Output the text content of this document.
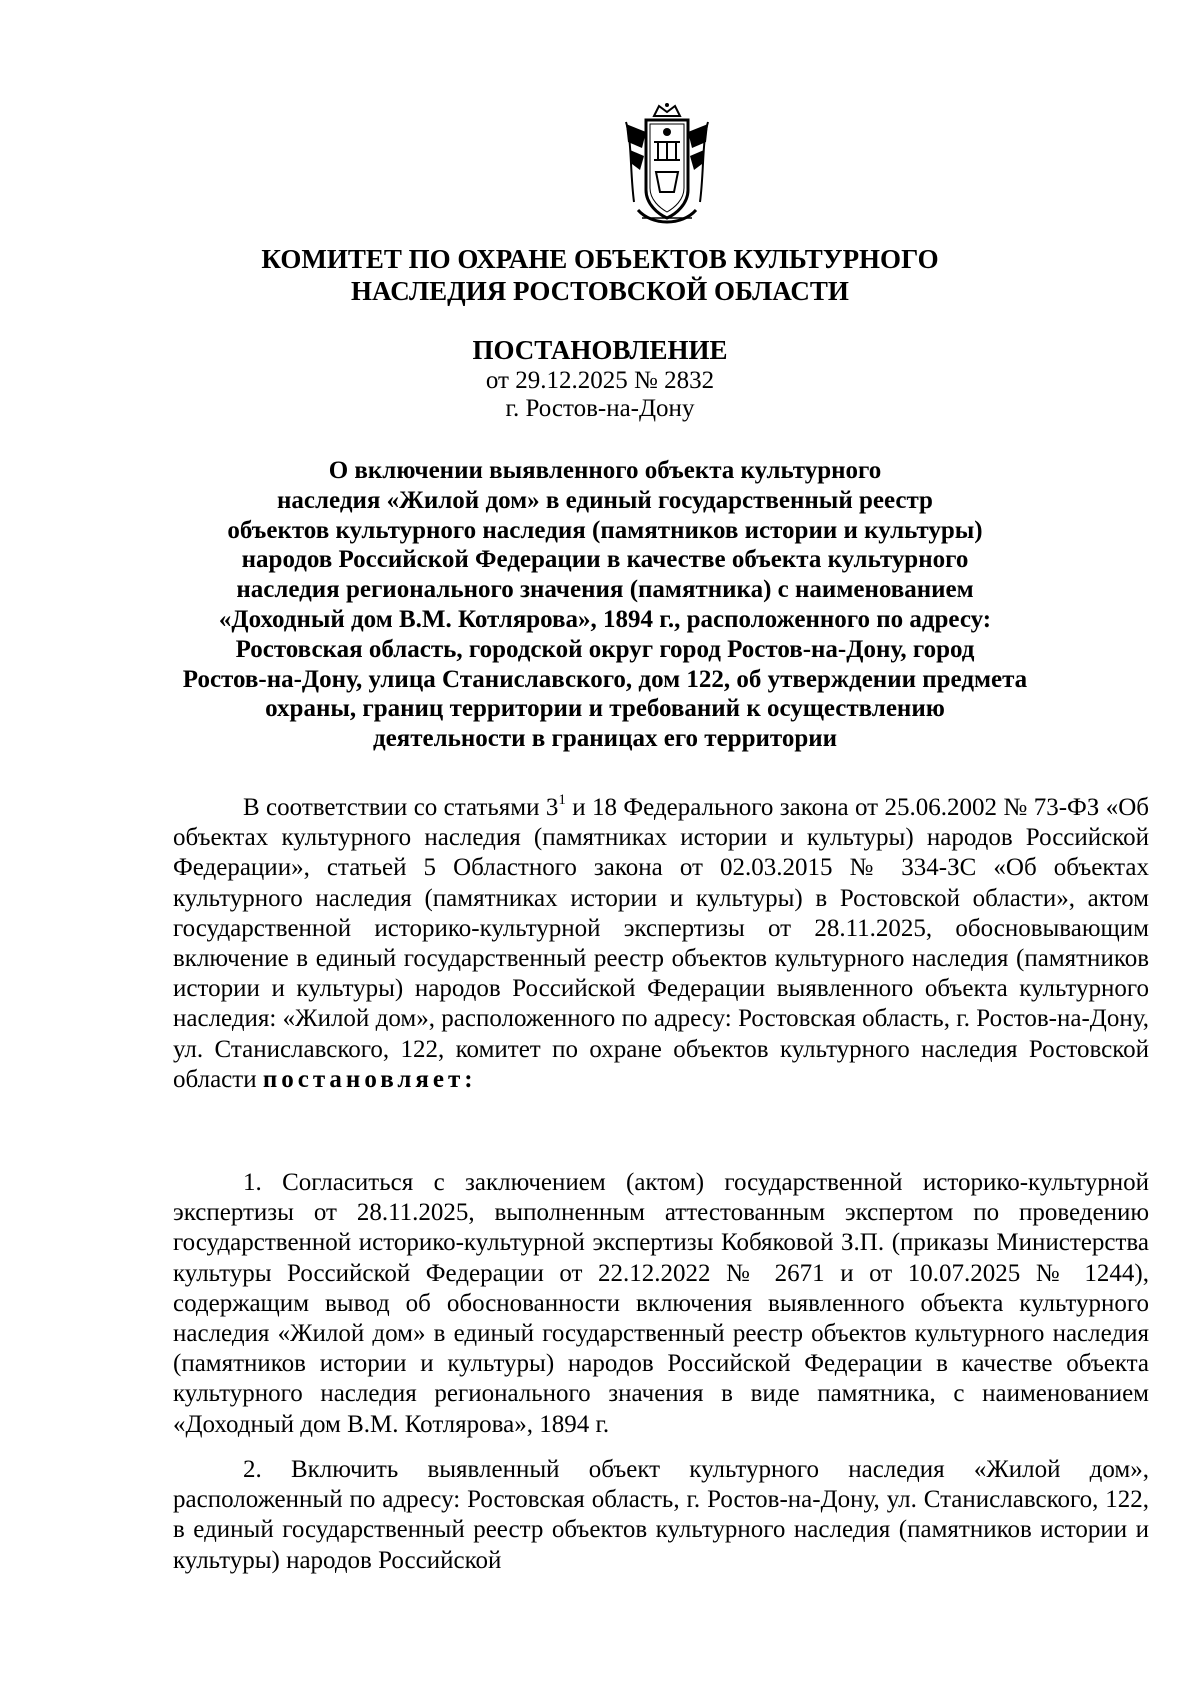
КОМИТЕТ ПО ОХРАНЕ ОБЪЕКТОВ КУЛЬТУРНОГО
НАСЛЕДИЯ РОСТОВСКОЙ ОБЛАСТИ
ПОСТАНОВЛЕНИЕ
от 29.12.2025 № 2832
г. Ростов-на-Дону
О включении выявленного объекта культурного
наследия «Жилой дом» в единый государственный реестр
объектов культурного наследия (памятников истории и культуры)
народов Российской Федерации в качестве объекта культурного
наследия регионального значения (памятника) с наименованием
«Доходный дом В.М. Котлярова», 1894 г., расположенного по адресу:
Ростовская область, городской округ город Ростов-на-Дону, город
Ростов-на-Дону, улица Станиславского, дом 122, об утверждении предмета
охраны, границ территории и требований к осуществлению
деятельности в границах его территории
В соответствии со статьями $3^1$ и 18 Федерального закона от 25.06.2002 № 73-ФЗ «Об объектах культурного наследия (памятниках истории и культуры) народов Российской Федерации», статьей 5 Областного закона от 02.03.2015 № 334-ЗС «Об объектах культурного наследия (памятниках истории и культуры) в Ростовской области», актом государственной историко-культурной экспертизы от 28.11.2025, обосновывающим включение в единый государственный реестр объектов культурного наследия (памятников истории и культуры) народов Российской Федерации выявленного объекта культурного наследия: «Жилой дом», расположенного по адресу: Ростовская область, г. Ростов-на-Дону, ул. Станиславского, 122, комитет по охране объектов культурного наследия Ростовской области постановляет:
1. Согласиться с заключением (актом) государственной историко-культурной экспертизы от 28.11.2025, выполненным аттестованным экспертом по проведению государственной историко-культурной экспертизы Кобяковой З.П. (приказы Министерства культуры Российской Федерации от 22.12.2022 № 2671 и от 10.07.2025 № 1244), содержащим вывод об обоснованности включения выявленного объекта культурного наследия «Жилой дом» в единый государственный реестр объектов культурного наследия (памятников истории и культуры) народов Российской Федерации в качестве объекта культурного наследия регионального значения в виде памятника, с наименованием «Доходный дом В.М. Котлярова», 1894 г.
2. Включить выявленный объект культурного наследия «Жилой дом», расположенный по адресу: Ростовская область, г. Ростов-на-Дону, ул. Станиславского, 122, в единый государственный реестр объектов культурного наследия (памятников истории и культуры) народов Российской
